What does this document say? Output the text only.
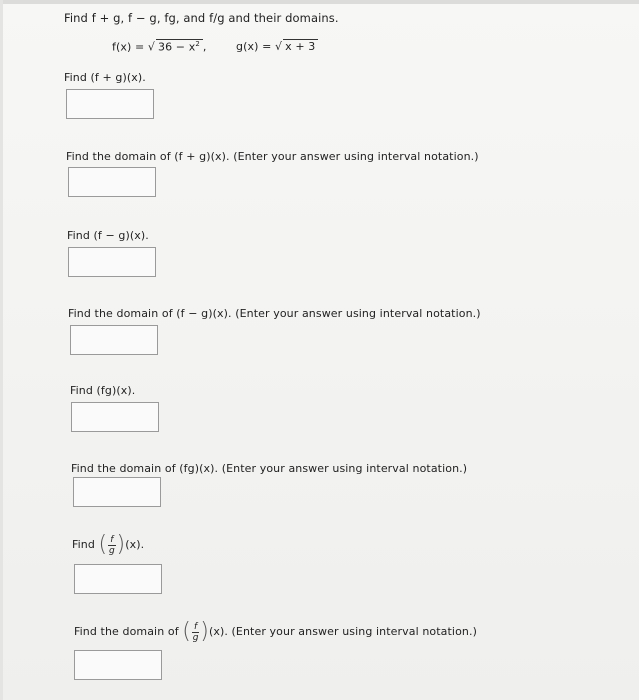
Find f + g, f − g, fg, and f/g and their domains.
f(x) = √ $36 - x^2$ ,	g(x) = √ x + 3
Find (f + g)(x).
Find the domain of (f + g)(x). (Enter your answer using interval notation.)
Find (f − g)(x).
Find the domain of (f − g)(x). (Enter your answer using interval notation.)
Find (fg)(x).
Find the domain of (fg)(x). (Enter your answer using interval notation.)
Find ( $\frac{f}{g}$ ) (x).
Find the domain of ( $\frac{f}{g}$ ) (x). (Enter your answer using interval notation.)
